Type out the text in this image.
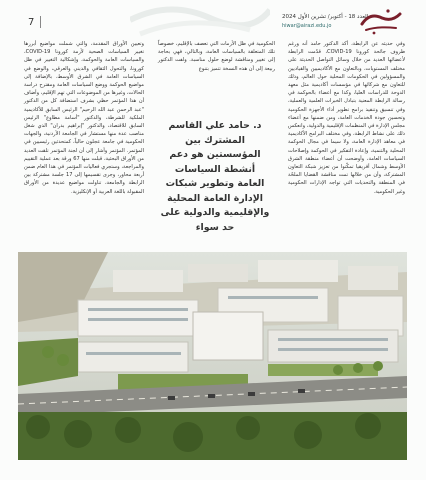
7	العدد 18 - أكتوبر/ تشرين الأول 2024
hiwar@airazi.edu.jo
وفي حديثه عن الرابطة، أكد الدكتور حامد أنه ورغم ظروف جائحة كورونا COVID-19، قدّمت الرابطة لأعضائها العديد من خلال وسائل التواصل الحديثة على مختلف المستويات، وبالتعاون مع الأكاديميين والقياديين والمسؤولين في الحكومات المحلية حول العالم، وذلك للتعاون مع شركائها في مؤسسات أكاديمية مثل معهد الدوحة للدراسات العليا، وكذا مع أعضاء بالحوكمة في رسالة الرابطة المعنية بتبادل الخبرات العلمية والعملية، وفي تنسيق وتنفيذ برامج تطوير أداء الأجهزة الحكومية وتحسين جودة الخدمات العامة، ومن ضمنها مع أعضاء مجلس الإدارة في المنظمات الإقليمية والدولية، وانعكس ذلك على نشاط الرابطة، وفي مختلف البرامج الأكاديمية في معاهد الإدارة العامة، ولا سيما في مجال الحوكمة المحلية والتنمية، وإعادة التفكير في الحوكمة وإصلاحات السياسات العامة، وأوضحت أن أعضاء منطقة الشرق الأوسط وشمال أفريقيا تمكّنوا من تعزيز شبكة التعاون المشتركة، وأن من خلالها تمت مناقشة القضايا الملحّة في المنطقة والتحديات التي تواجه الإدارات الحكومية وغير الحكومية.
الحكومية في ظل الأزمات التي تعصف بالإقليم، خصوصاً تلك المتعلقة بالسياسات العامة، وبالتالي، فهي بحاجة إلى تغيير ومناقشة لوضع حلول مناسبة. ولفت الدكتور ربيعة إلى أن هذه النسخة تتميز بتنوع
د. حامد علي القاسم المشترك بين المؤسستين هو دعم أنشطة السياسات العامة وتطوير شبكات الإدارة العامة المحلية والإقليمية والدولية على حد سواء
وتعيين الأوراق المقدمة، والتي شملت مواضيع أبرزها تغيير السياسات الصحية لأزمة كورونا COVID-19، والسياسات العامة والحوكمة، وإشكالية التغيير في ظل كورونا، والتحول الثقافي والديني والعرقي، والوضع في السياسات العامة في الشرق الأوسط، بالإضافة إلى مواضيع الحوكمة ووضع السياسات العامة ومقترح دراسة الحالات، وغيرها من الموضوعات التي تهم الإقليم، وأضاف أن هذا المؤتمر حظي بشرف استضافة كل من الدكتور "عبد الرحمن عبد الله الرحيم" الرئيس السابق للأكاديمية الملكية للشرطة، والدكتور "أسامة مطاوع" الرئيس السابق للاقتصاد، والدكتور "إبراهيم بدران" الذي شغل مناصب عدة منها مستشار في الجامعة الأردنية، والجهات الحكومية في جامعة عجلون حالياً، كمتحدثين رئيسيين في المؤتمر. المؤتمر وأشار إلى أن لجنة المؤتمر تلقت العديد من الأوراق البحثية، قبلت منها 67 ورقة بعد عملية التقييم والمراجعة، وستجري فعاليات المؤتمر في هذا العام ضمن أربعة محاور، وجرى تقسيمها إلى 17 جلسة مشتركة بين الرابطة والجامعة، تناولت مواضيع عديدة من الأوراق المقبولة باللغة العربية أو الإنكليزية.
